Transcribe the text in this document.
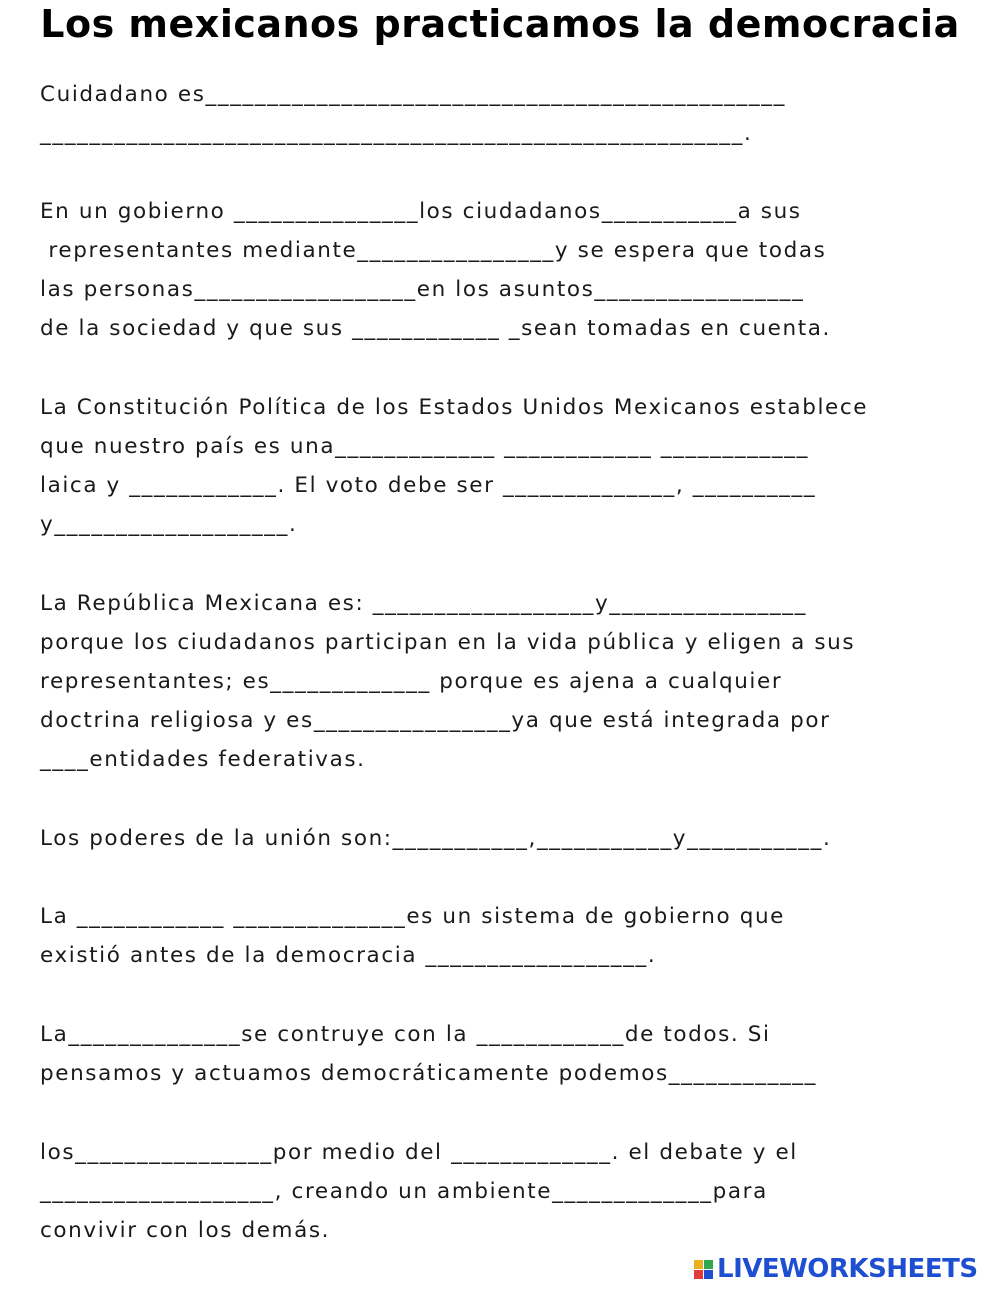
Los mexicanos practicamos la democracia
Cuidadano es_______________________________________________
_________________________________________________________.
En un gobierno _______________los ciudadanos___________a sus
representantes mediante________________y se espera que todas
las personas__________________en los asuntos_________________
de la sociedad y que sus ____________ _sean tomadas en cuenta.
La Constitución Política de los Estados Unidos Mexicanos establece
que nuestro país es una_____________ ____________ ____________
laica y ____________. El voto debe ser ______________, __________
y___________________.
La República Mexicana es: __________________y________________
porque los ciudadanos participan en la vida pública y eligen a sus
representantes; es_____________ porque es ajena a cualquier
doctrina religiosa y es________________ya que está integrada por
____entidades federativas.
Los poderes de la unión son:___________,___________y___________.
La ____________ ______________es un sistema de gobierno que
existió antes de la democracia __________________.
La______________se contruye con la ____________de todos. Si
pensamos y actuamos democráticamente podemos____________
los________________por medio del _____________. el debate y el
___________________, creando un ambiente_____________para
convivir con los demás.
LIVEWORKSHEETS
